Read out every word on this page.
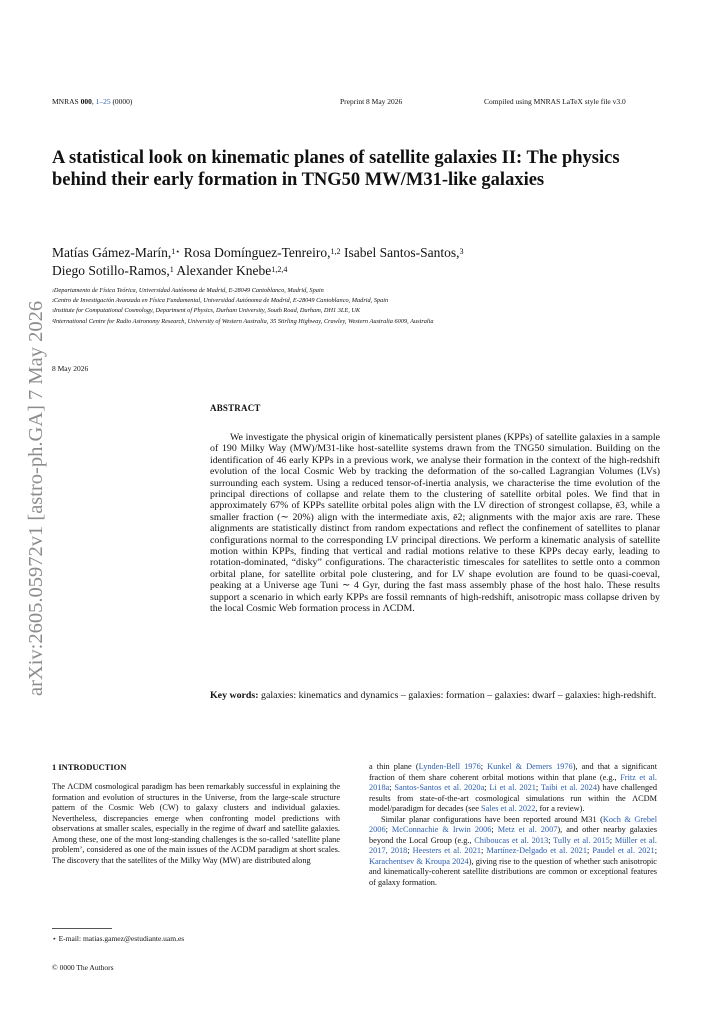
MNRAS 000, 1–25 (0000)	Preprint 8 May 2026	Compiled using MNRAS LaTeX style file v3.0
A statistical look on kinematic planes of satellite galaxies II: The physics behind their early formation in TNG50 MW/M31-like galaxies
Matías Gámez-Marín,$^{1⋆}$ Rosa Domínguez-Tenreiro,$^{1,2}$ Isabel Santos-Santos,$^3$
Diego Sotillo-Ramos,$^1$ Alexander Knebe$^{1,2,4}$
$^1$Departamento de Física Teórica, Universidad Autónoma de Madrid, E-28049 Cantoblanco, Madrid, Spain
$^2$Centro de Investigación Avanzada en Física Fundamental, Universidad Autónoma de Madrid, E-28049 Cantoblanco, Madrid, Spain
$^3$Institute for Computational Cosmology, Department of Physics, Durham University, South Road, Durham, DH1 3LE, UK
$^4$International Centre for Radio Astronomy Research, University of Western Australia, 35 Stirling Highway, Crawley, Western Australia 6009, Australia
8 May 2026
arXiv:2605.05972v1 [astro-ph.GA] 7 May 2026	ABSTRACT
We investigate the physical origin of kinematically persistent planes (KPPs) of satellite galaxies in a sample of 190 Milky Way (MW)/M31-like host-satellite systems drawn from the TNG50 simulation. Building on the identification of 46 early KPPs in a previous work, we analyse their formation in the context of the high-redshift evolution of the local Cosmic Web by tracking the deformation of the so-called Lagrangian Volumes (LVs) surrounding each system. Using a reduced tensor-of-inertia analysis, we characterise the time evolution of the principal directions of collapse and relate them to the clustering of satellite orbital poles. We find that in approximately 67% of KPPs satellite orbital poles align with the LV direction of strongest collapse, ē3, while a smaller fraction (∼ 20%) align with the intermediate axis, ē2; alignments with the major axis are rare. These alignments are statistically distinct from random expectations and reflect the confinement of satellites to planar configurations normal to the corresponding LV principal directions. We perform a kinematic analysis of satellite motion within KPPs, finding that vertical and radial motions relative to these KPPs decay early, leading to rotation-dominated, “disky” configurations. The characteristic timescales for satellites to settle onto a common orbital plane, for satellite orbital pole clustering, and for LV shape evolution are found to be quasi-coeval, peaking at a Universe age Tuni ∼ 4 Gyr, during the fast mass assembly phase of the host halo. These results support a scenario in which early KPPs are fossil remnants of high-redshift, anisotropic mass collapse driven by the local Cosmic Web formation process in ΛCDM.
Key words: galaxies: kinematics and dynamics – galaxies: formation – galaxies: dwarf – galaxies: high-redshift.
1 INTRODUCTION
The ΛCDM cosmological paradigm has been remarkably successful in explaining the formation and evolution of structures in the Universe, from the large-scale structure pattern of the Cosmic Web (CW) to galaxy clusters and individual galaxies. Nevertheless, discrepancies emerge when confronting model predictions with observations at smaller scales, especially in the regime of dwarf and satellite galaxies. Among these, one of the most long-standing challenges is the so-called ‘satellite plane problem’, considered as one of the main issues of the ΛCDM paradigm at short scales. The discovery that the satellites of the Milky Way (MW) are distributed along

a thin plane (Lynden-Bell 1976; Kunkel & Demers 1976), and that a significant fraction of them share coherent orbital motions within that plane (e.g., Fritz et al. 2018a; Santos-Santos et al. 2020a; Li et al. 2021; Taibi et al. 2024) have challenged results from state-of-the-art cosmological simulations run within the ΛCDM model/paradigm for decades (see Sales et al. 2022, for a review).

Similar planar configurations have been reported around M31 (Koch & Grebel 2006; McConnachie & Irwin 2006; Metz et al. 2007), and other nearby galaxies beyond the Local Group (e.g., Chiboucas et al. 2013; Tully et al. 2015; Müller et al. 2017, 2018; Heesters et al. 2021; Martínez-Delgado et al. 2021; Paudel et al. 2021; Karachentsev & Kroupa 2024), giving rise to the question of whether such anisotropic and kinematically-coherent satellite distributions are common or exceptional features of galaxy formation.

⋆ E-mail: matias.gamez@estudiante.uam.es
© 0000 The Authors
